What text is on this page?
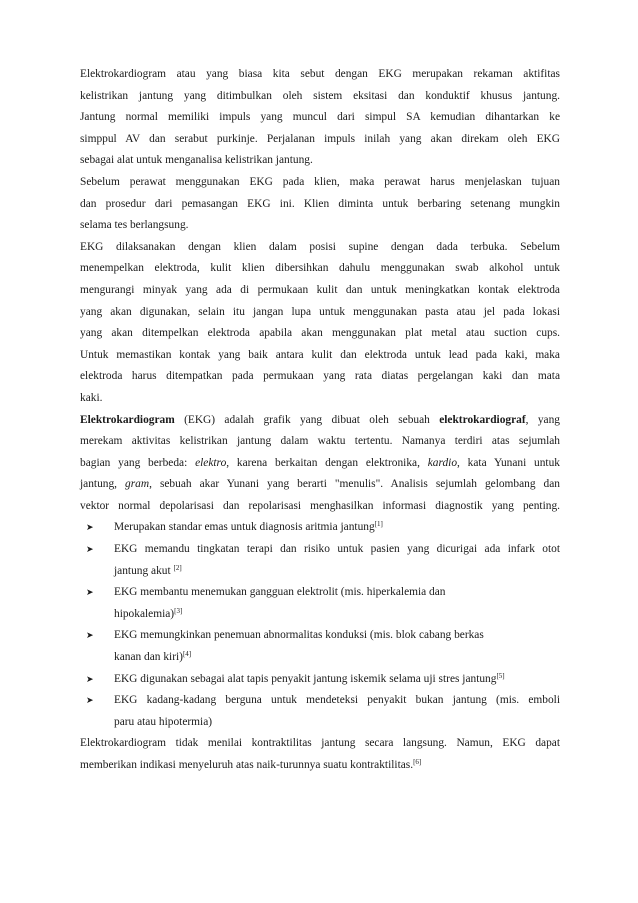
Elektrokardiogram atau yang biasa kita sebut dengan EKG merupakan rekaman aktifitas
kelistrikan jantung yang ditimbulkan oleh sistem eksitasi dan konduktif khusus jantung.
Jantung normal memiliki impuls yang muncul dari simpul SA kemudian dihantarkan ke
simppul AV dan serabut purkinje. Perjalanan impuls inilah yang akan direkam oleh EKG
sebagai alat untuk menganalisa kelistrikan jantung.
Sebelum perawat menggunakan EKG pada klien, maka perawat harus menjelaskan tujuan
dan prosedur dari pemasangan EKG ini. Klien diminta untuk berbaring setenang mungkin
selama tes berlangsung.
EKG dilaksanakan dengan klien dalam posisi supine dengan dada terbuka. Sebelum
menempelkan elektroda, kulit klien dibersihkan dahulu menggunakan swab alkohol untuk
mengurangi minyak yang ada di permukaan kulit dan untuk meningkatkan kontak elektroda
yang akan digunakan, selain itu jangan lupa untuk menggunakan pasta atau jel pada lokasi
yang akan ditempelkan elektroda apabila akan menggunakan plat metal atau suction cups.
Untuk memastikan kontak yang baik antara kulit dan elektroda untuk lead pada kaki, maka
elektroda harus ditempatkan pada permukaan yang rata diatas pergelangan kaki dan mata
kaki.
Elektrokardiogram (EKG) adalah grafik yang dibuat oleh sebuah elektrokardiograf, yang
merekam aktivitas kelistrikan jantung dalam waktu tertentu. Namanya terdiri atas sejumlah
bagian yang berbeda: elektro, karena berkaitan dengan elektronika, kardio, kata Yunani untuk
jantung, gram, sebuah akar Yunani yang berarti "menulis". Analisis sejumlah gelombang dan
vektor normal depolarisasi dan repolarisasi menghasilkan informasi diagnostik yang penting.
➤ Merupakan standar emas untuk diagnosis aritmia jantung[1]
➤ EKG memandu tingkatan terapi dan risiko untuk pasien yang dicurigai ada infark otot
jantung akut [2]
➤ EKG membantu menemukan gangguan elektrolit (mis. hiperkalemia dan
hipokalemia)[3]
➤ EKG memungkinkan penemuan abnormalitas konduksi (mis. blok cabang berkas
kanan dan kiri)[4]
➤ EKG digunakan sebagai alat tapis penyakit jantung iskemik selama uji stres jantung[5]
➤ EKG kadang-kadang berguna untuk mendeteksi penyakit bukan jantung (mis. emboli
paru atau hipotermia)
Elektrokardiogram tidak menilai kontraktilitas jantung secara langsung. Namun, EKG dapat
memberikan indikasi menyeluruh atas naik-turunnya suatu kontraktilitas.[6]
